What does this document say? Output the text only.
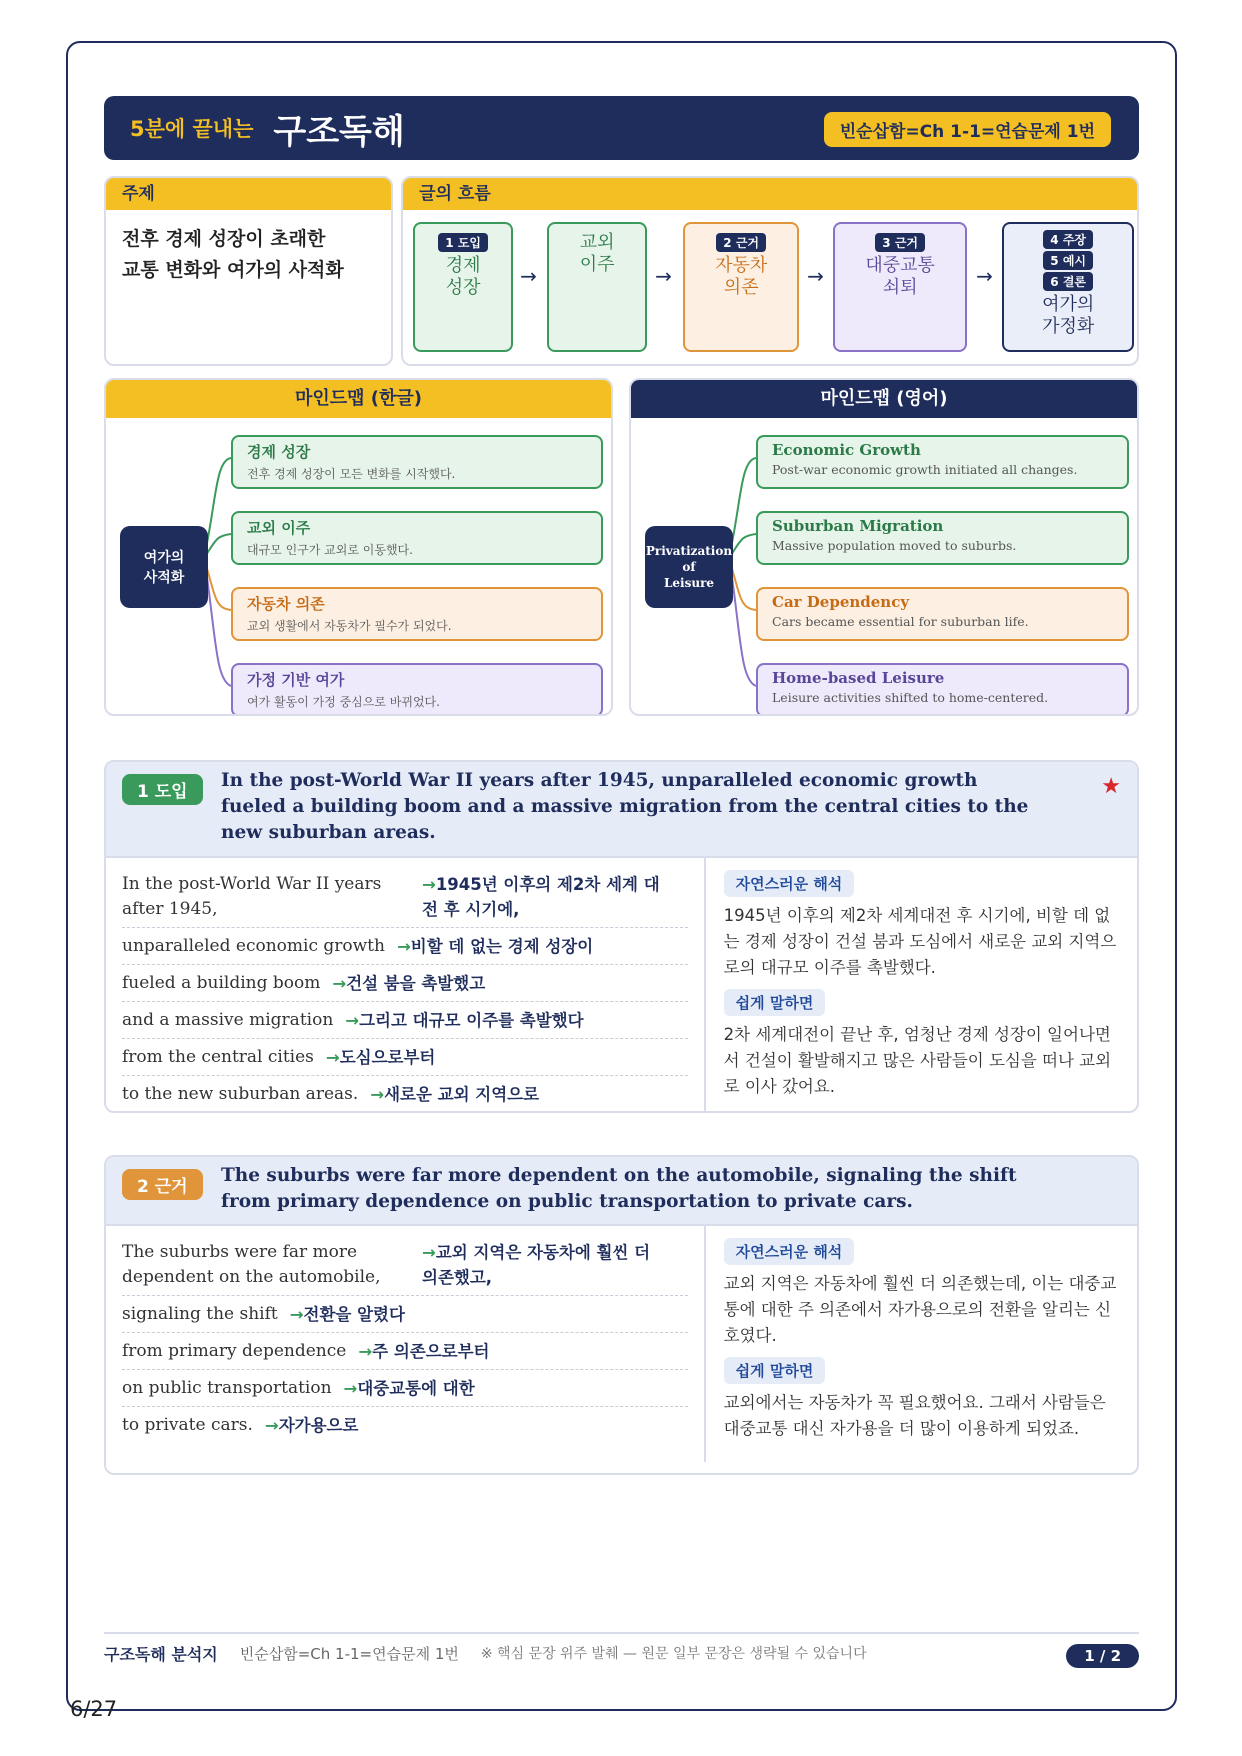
5분에 끝내는 구조독해	빈순삽함=Ch 1-1=연습문제 1번
주제
전후 경제 성장이 초래한
교통 변화와 여가의 사적화
글의 흐름
1 도입
경제
성장	→
교외
이주	→
2 근거
자동차
의존	→
3 근거
대중교통
쇠퇴	→
4 주장
5 예시
6 결론
여가의
가정화
마인드맵 (한글)
여가의
사적화
경제 성장
전후 경제 성장이 모든 변화를 시작했다.
교외 이주
대규모 인구가 교외로 이동했다.
자동차 의존
교외 생활에서 자동차가 필수가 되었다.
가정 기반 여가
여가 활동이 가정 중심으로 바뀌었다.
마인드맵 (영어)
Privatization
of
Leisure
Economic Growth
Post-war economic growth initiated all changes.
Suburban Migration
Massive population moved to suburbs.
Car Dependency
Cars became essential for suburban life.
Home-based Leisure
Leisure activities shifted to home-centered.
1 도입
In the post-World War II years after 1945, unparalleled economic growth fueled a building boom and a massive migration from the central cities to the new suburban areas.
★
In the post-World War II years after 1945,
→1945년 이후의 제2차 세계 대전 후 시기에,
unparalleled economic growth →비할 데 없는 경제 성장이
fueled a building boom →건설 붐을 촉발했고
and a massive migration →그리고 대규모 이주를 촉발했다
from the central cities →도심으로부터
to the new suburban areas. →새로운 교외 지역으로
자연스러운 해석
1945년 이후의 제2차 세계대전 후 시기에, 비할 데 없는 경제 성장이 건설 붐과 도심에서 새로운 교외 지역으로의 대규모 이주를 촉발했다.
쉽게 말하면
2차 세계대전이 끝난 후, 엄청난 경제 성장이 일어나면서 건설이 활발해지고 많은 사람들이 도심을 떠나 교외로 이사 갔어요.
2 근거
The suburbs were far more dependent on the automobile, signaling the shift from primary dependence on public transportation to private cars.
The suburbs were far more dependent on the automobile,
→교외 지역은 자동차에 훨씬 더 의존했고,
signaling the shift →전환을 알렸다
from primary dependence →주 의존으로부터
on public transportation →대중교통에 대한
to private cars. →자가용으로
자연스러운 해석
교외 지역은 자동차에 훨씬 더 의존했는데, 이는 대중교통에 대한 주 의존에서 자가용으로의 전환을 알리는 신호였다.
쉽게 말하면
교외에서는 자동차가 꼭 필요했어요. 그래서 사람들은 대중교통 대신 자가용을 더 많이 이용하게 되었죠.
구조독해 분석지 빈순삽함=Ch 1-1=연습문제 1번 ※ 핵심 문장 위주 발췌 — 원문 일부 문장은 생략될 수 있습니다	1 / 2
6/27
